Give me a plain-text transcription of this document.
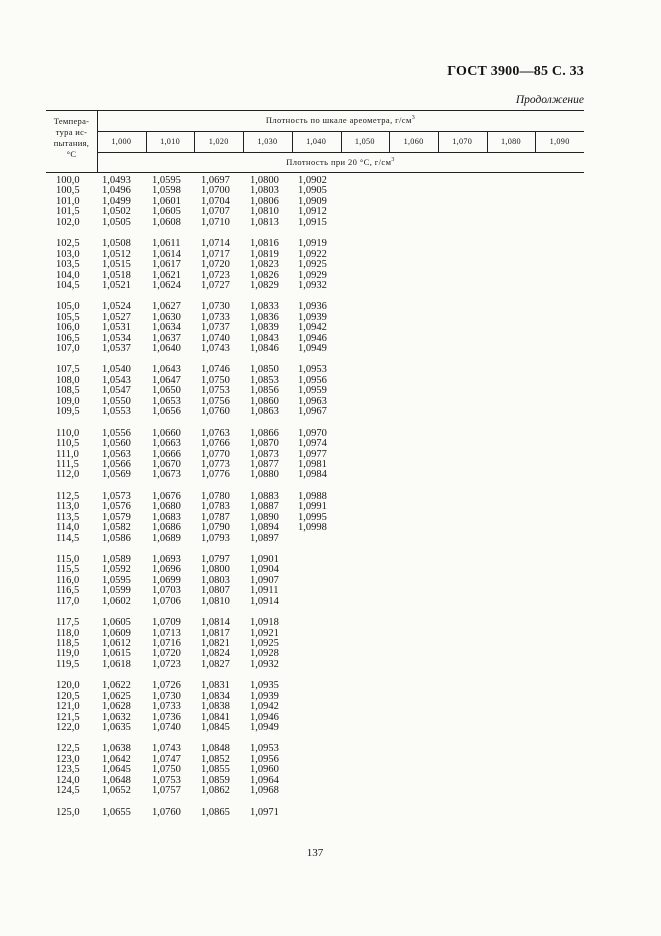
ГОСТ 3900—85 С. 33
Продолжение
Темпера-
тура ис-
пытания,
°С
Плотность по шкале ареометра, $г/см^3$
1,000	1,010	1,020	1,030	1,040	1,050	1,060	1,070	1,080	1,090
Плотность при 20 °С, $г/см^3$
100,0	1,0493 1,0595 1,0697 1,0800 1,0902
100,5	1,0496 1,0598 1,0700 1,0803 1,0905
101,0	1,0499 1,0601 1,0704 1,0806 1,0909
101,5	1,0502 1,0605 1,0707 1,0810 1,0912
102,0	1,0505 1,0608 1,0710 1,0813 1,0915
102,5	1,0508 1,0611 1,0714 1,0816 1,0919
103,0	1,0512 1,0614 1,0717 1,0819 1,0922
103,5	1,0515 1,0617 1,0720 1,0823 1,0925
104,0	1,0518 1,0621 1,0723 1,0826 1,0929
104,5	1,0521 1,0624 1,0727 1,0829 1,0932
105,0	1,0524 1,0627 1,0730 1,0833 1,0936
105,5	1,0527 1,0630 1,0733 1,0836 1,0939
106,0	1,0531 1,0634 1,0737 1,0839 1,0942
106,5	1,0534 1,0637 1,0740 1,0843 1,0946
107,0	1,0537 1,0640 1,0743 1,0846 1,0949
107,5	1,0540 1,0643 1,0746 1,0850 1,0953
108,0	1,0543 1,0647 1,0750 1,0853 1,0956
108,5	1,0547 1,0650 1,0753 1,0856 1,0959
109,0	1,0550 1,0653 1,0756 1,0860 1,0963
109,5	1,0553 1,0656 1,0760 1,0863 1,0967
110,0	1,0556 1,0660 1,0763 1,0866 1,0970
110,5	1,0560 1,0663 1,0766 1,0870 1,0974
111,0	1,0563 1,0666 1,0770 1,0873 1,0977
111,5	1,0566 1,0670 1,0773 1,0877 1,0981
112,0	1,0569 1,0673 1,0776 1,0880 1,0984
112,5	1,0573 1,0676 1,0780 1,0883 1,0988
113,0	1,0576 1,0680 1,0783 1,0887 1,0991
113,5	1,0579 1,0683 1,0787 1,0890 1,0995
114,0	1,0582 1,0686 1,0790 1,0894 1,0998
114,5	1,0586 1,0689 1,0793 1,0897
115,0	1,0589 1,0693 1,0797 1,0901
115,5	1,0592 1,0696 1,0800 1,0904
116,0	1,0595 1,0699 1,0803 1,0907
116,5	1,0599 1,0703 1,0807 1,0911
117,0	1,0602 1,0706 1,0810 1,0914
117,5	1,0605 1,0709 1,0814 1,0918
118,0	1,0609 1,0713 1,0817 1,0921
118,5	1,0612 1,0716 1,0821 1,0925
119,0	1,0615 1,0720 1,0824 1,0928
119,5	1,0618 1,0723 1,0827 1,0932
120,0	1,0622 1,0726 1,0831 1,0935
120,5	1,0625 1,0730 1,0834 1,0939
121,0	1,0628 1,0733 1,0838 1,0942
121,5	1,0632 1,0736 1,0841 1,0946
122,0	1,0635 1,0740 1,0845 1,0949
122,5	1,0638 1,0743 1,0848 1,0953
123,0	1,0642 1,0747 1,0852 1,0956
123,5	1,0645 1,0750 1,0855 1,0960
124,0	1,0648 1,0753 1,0859 1,0964
124,5	1,0652 1,0757 1,0862 1,0968
125,0	1,0655 1,0760 1,0865 1,0971
137
